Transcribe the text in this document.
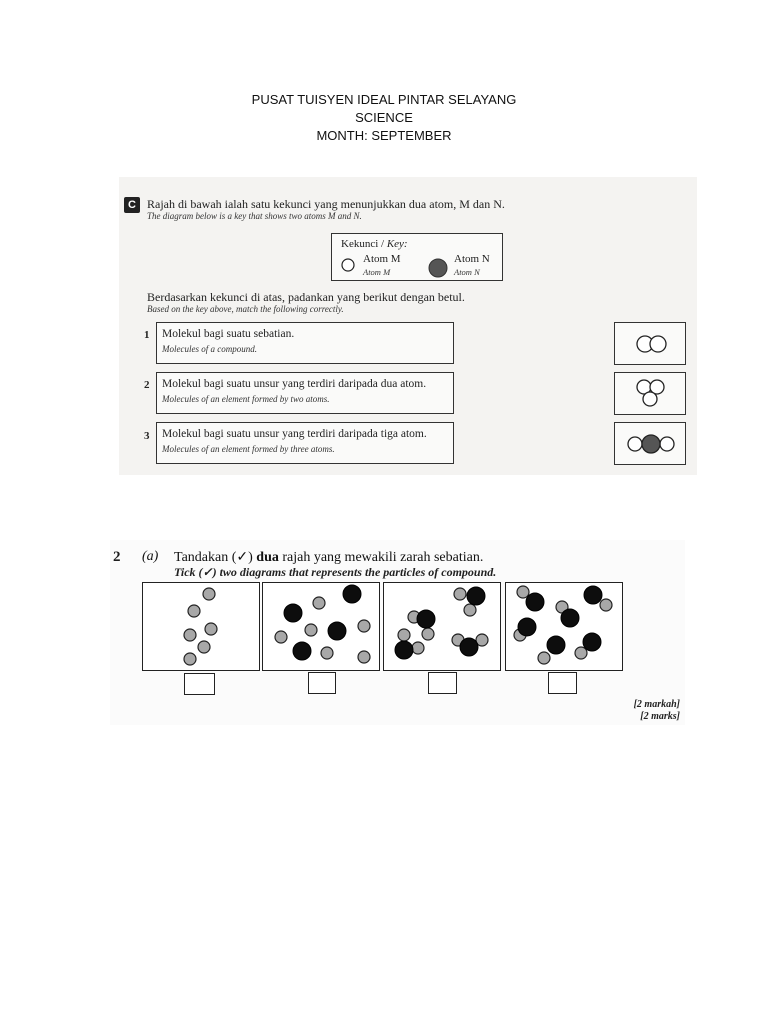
PUSAT TUISYEN IDEAL PINTAR SELAYANG
SCIENCE
MONTH: SEPTEMBER
C Rajah di bawah ialah satu kekunci yang menunjukkan dua atom, M dan N.
The diagram below is a key that shows two atoms M and N.
Kekunci / Key:
Atom M
Atom M
Atom N
Atom N
Berdasarkan kekunci di atas, padankan yang berikut dengan betul.
Based on the key above, match the following correctly.
1 Molekul bagi suatu sebatian.
Molecules of a compound.
2 Molekul bagi suatu unsur yang terdiri daripada dua atom.
Molecules of an element formed by two atoms.
3 Molekul bagi suatu unsur yang terdiri daripada tiga atom.
Molecules of an element formed by three atoms.
2 (a) Tandakan (✓) dua rajah yang mewakili zarah sebatian.
Tick (✓) two diagrams that represents the particles of compound.
[2 markah]
[2 marks]
